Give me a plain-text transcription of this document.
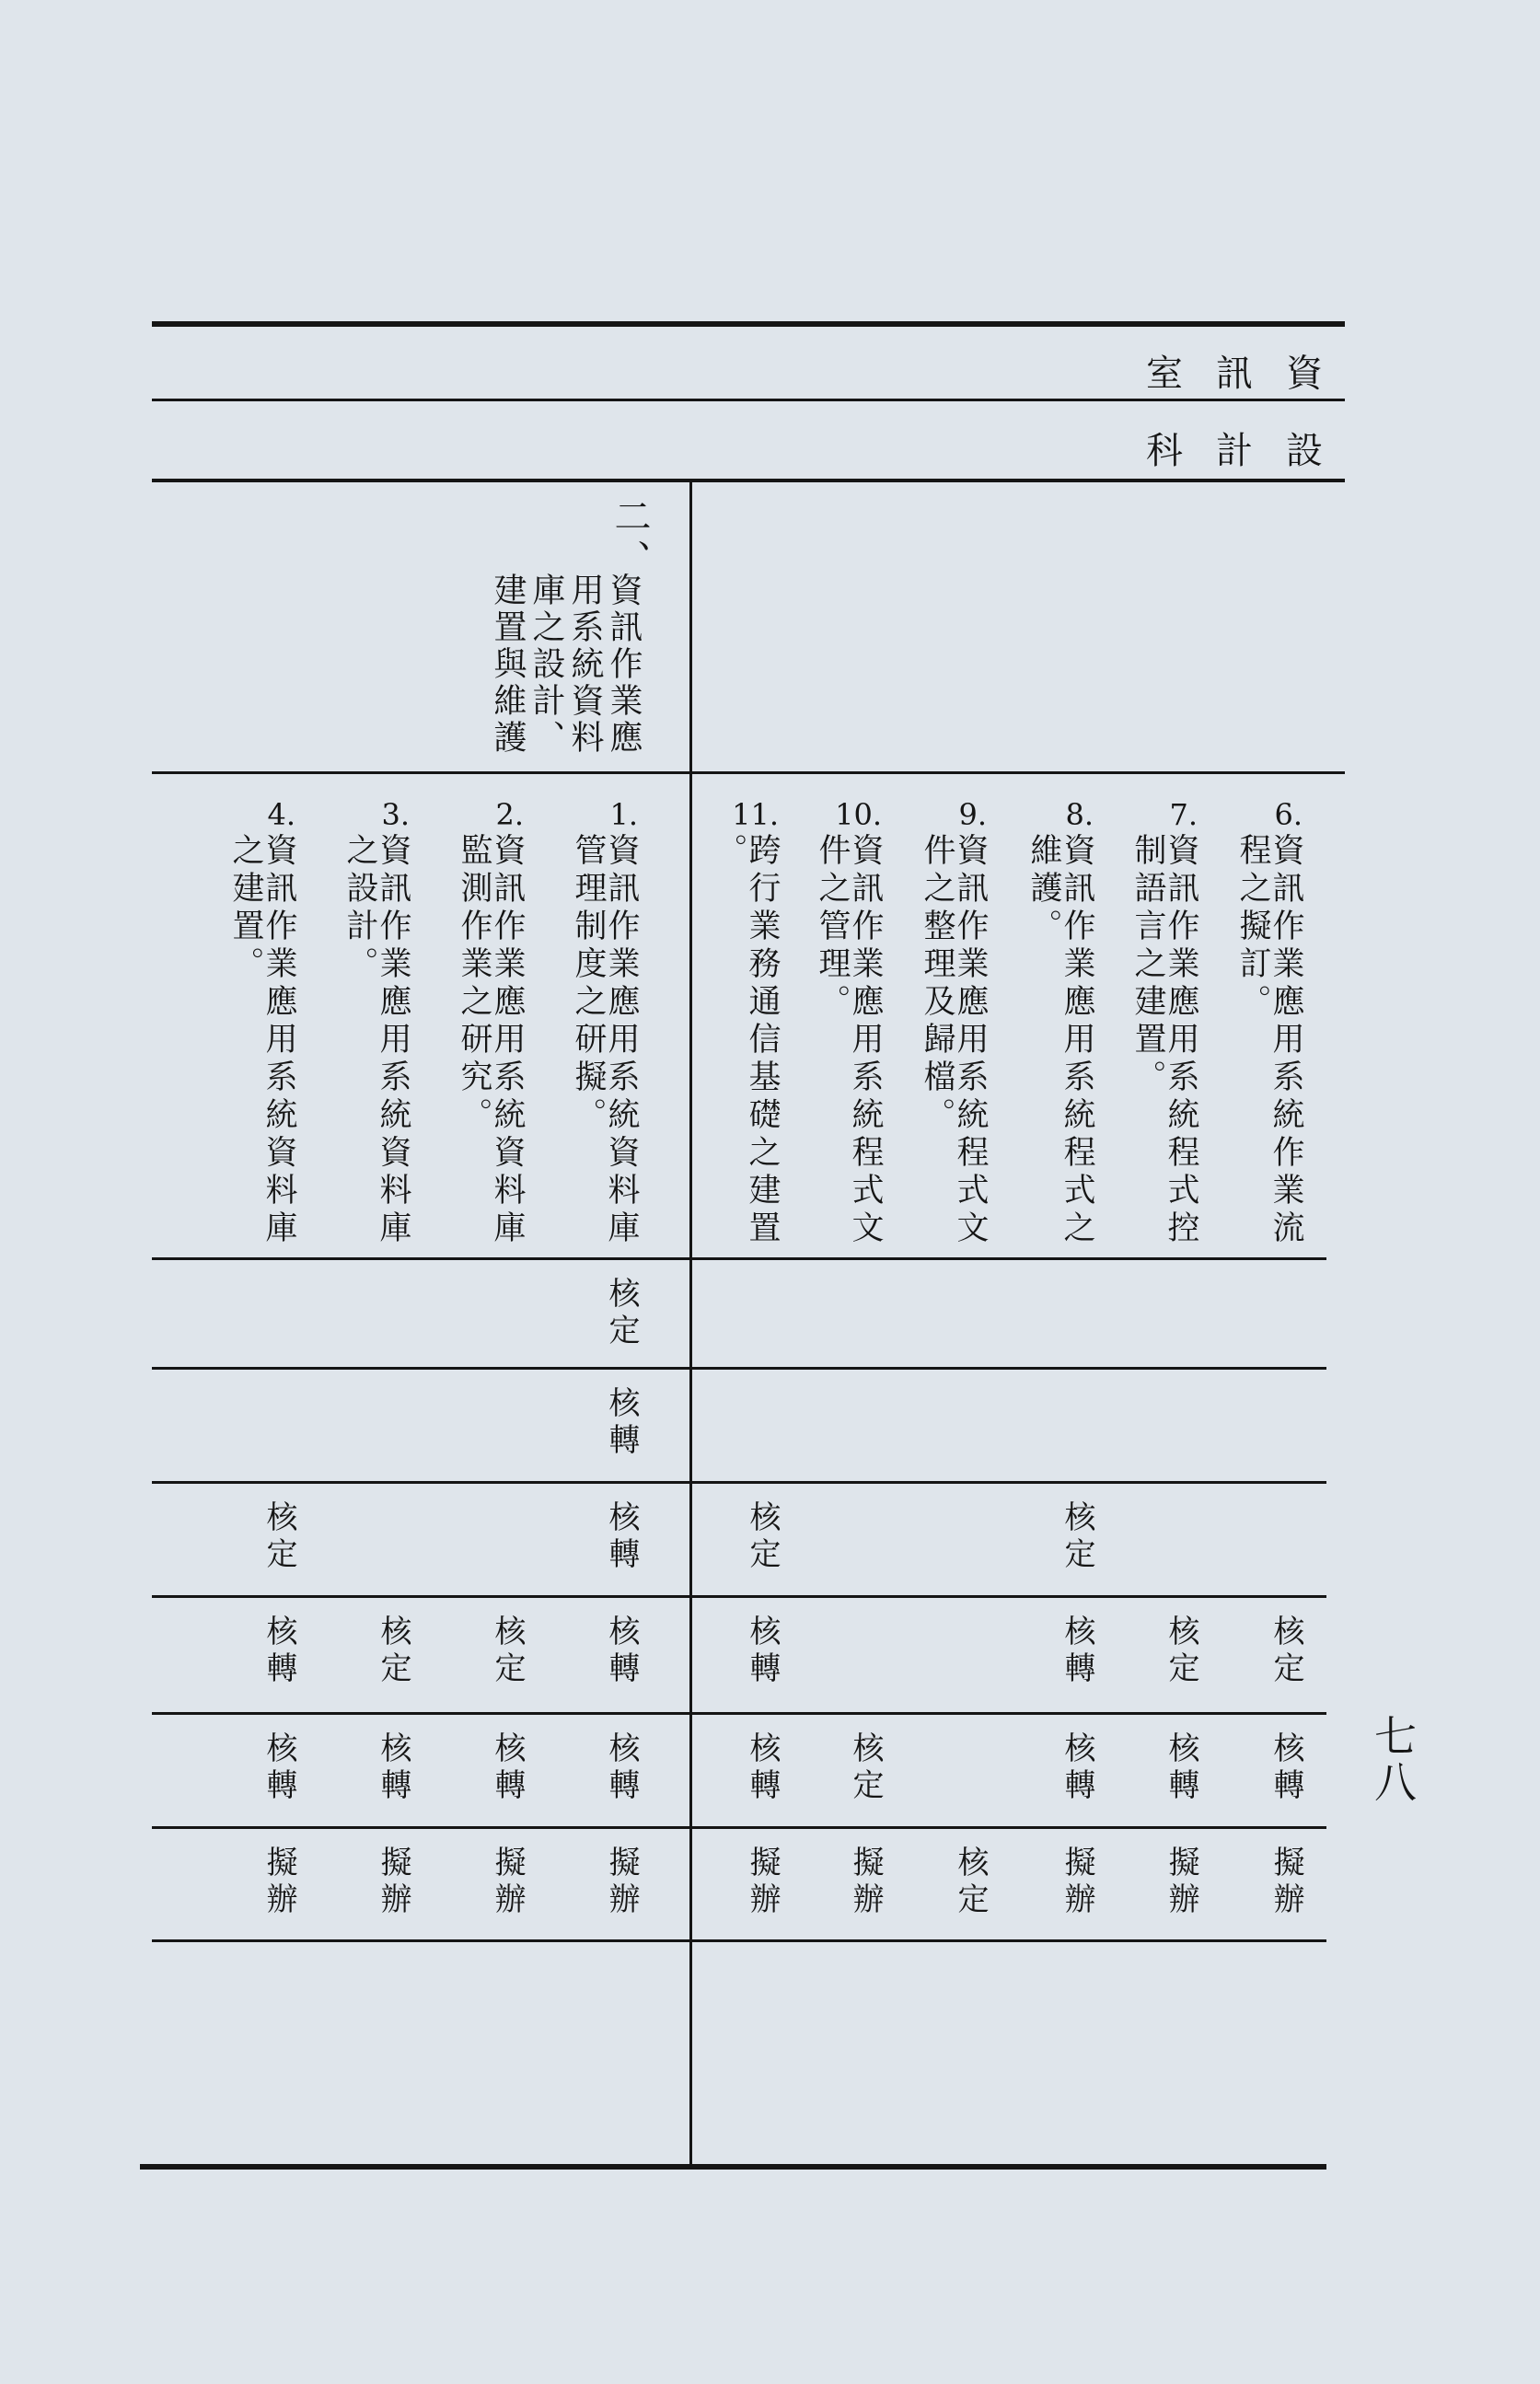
資訊室
設計科
二、
資訊作業應用系統資料庫之設計、建置與維護
1.
資訊作業應用系統資料庫管理制度之研擬。
核定
核轉
核轉
核轉
核轉
擬辦
2.
資訊作業應用系統資料庫監測作業之研究。
核定
核轉
擬辦
3.
資訊作業應用系統資料庫之設計。
核定
核轉
擬辦
4.
資訊作業應用系統資料庫之建置。
核定
核轉
核轉
擬辦
6.
資訊作業應用系統作業流程之擬訂。
核定
核轉
擬辦
7.
資訊作業應用系統程式控制語言之建置。
核定
核轉
擬辦
8.
資訊作業應用系統程式之維護。
核定
核轉
核轉
擬辦
9.
資訊作業應用系統程式文件之整理及歸檔。
核定
10.
資訊作業應用系統程式文件之管理。
核定
擬辦
11.
跨行業務通信基礎之建置。
核定
核轉
核轉
擬辦
七八
